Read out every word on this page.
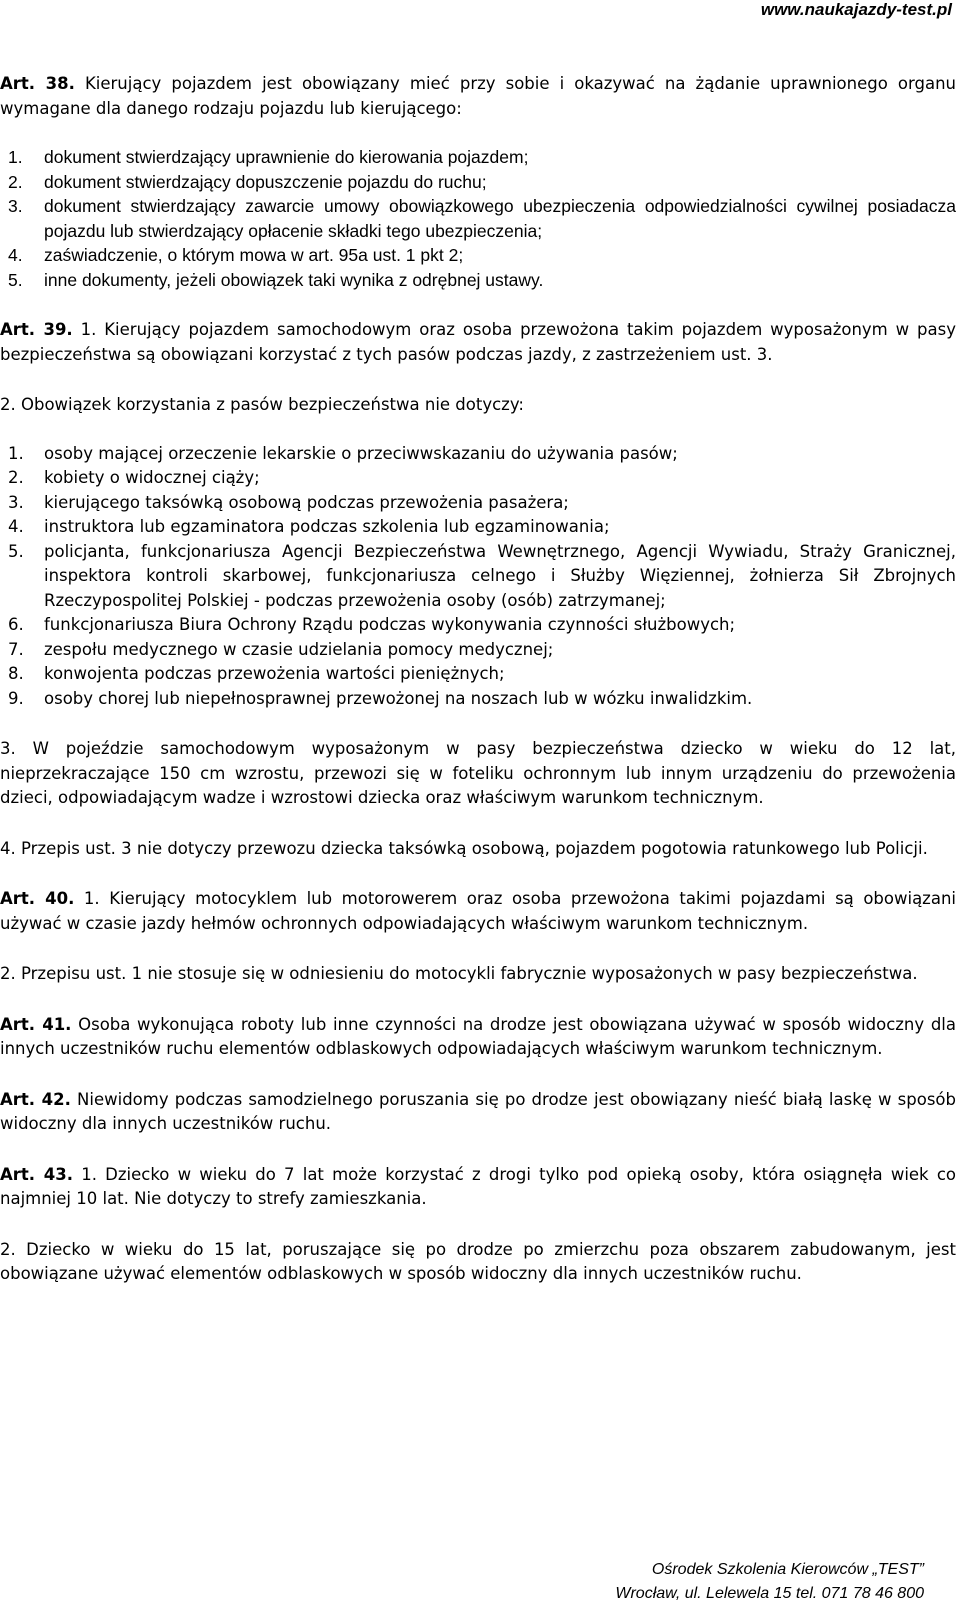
www.naukajazdy-test.pl
Art. 38. Kierujący pojazdem jest obowiązany mieć przy sobie i okazywać na żądanie uprawnionego organu wymagane dla danego rodzaju pojazdu lub kierującego:
1. dokument stwierdzający uprawnienie do kierowania pojazdem;
2. dokument stwierdzający dopuszczenie pojazdu do ruchu;
3. dokument stwierdzający zawarcie umowy obowiązkowego ubezpieczenia odpowiedzialności cywilnej posiadacza pojazdu lub stwierdzający opłacenie składki tego ubezpieczenia;
4. zaświadczenie, o którym mowa w art. 95a ust. 1 pkt 2;
5. inne dokumenty, jeżeli obowiązek taki wynika z odrębnej ustawy.
Art. 39. 1. Kierujący pojazdem samochodowym oraz osoba przewożona takim pojazdem wyposażonym w pasy bezpieczeństwa są obowiązani korzystać z tych pasów podczas jazdy, z zastrzeżeniem ust. 3.
2. Obowiązek korzystania z pasów bezpieczeństwa nie dotyczy:
1. osoby mającej orzeczenie lekarskie o przeciwwskazaniu do używania pasów;
2. kobiety o widocznej ciąży;
3. kierującego taksówką osobową podczas przewożenia pasażera;
4. instruktora lub egzaminatora podczas szkolenia lub egzaminowania;
5. policjanta, funkcjonariusza Agencji Bezpieczeństwa Wewnętrznego, Agencji Wywiadu, Straży Granicznej, inspektora kontroli skarbowej, funkcjonariusza celnego i Służby Więziennej, żołnierza Sił Zbrojnych Rzeczypospolitej Polskiej - podczas przewożenia osoby (osób) zatrzymanej;
6. funkcjonariusza Biura Ochrony Rządu podczas wykonywania czynności służbowych;
7. zespołu medycznego w czasie udzielania pomocy medycznej;
8. konwojenta podczas przewożenia wartości pieniężnych;
9. osoby chorej lub niepełnosprawnej przewożonej na noszach lub w wózku inwalidzkim.
3. W pojeździe samochodowym wyposażonym w pasy bezpieczeństwa dziecko w wieku do 12 lat, nieprzekraczające 150 cm wzrostu, przewozi się w foteliku ochronnym lub innym urządzeniu do przewożenia dzieci, odpowiadającym wadze i wzrostowi dziecka oraz właściwym warunkom technicznym.
4. Przepis ust. 3 nie dotyczy przewozu dziecka taksówką osobową, pojazdem pogotowia ratunkowego lub Policji.
Art. 40. 1. Kierujący motocyklem lub motorowerem oraz osoba przewożona takimi pojazdami są obowiązani używać w czasie jazdy hełmów ochronnych odpowiadających właściwym warunkom technicznym.
2. Przepisu ust. 1 nie stosuje się w odniesieniu do motocykli fabrycznie wyposażonych w pasy bezpieczeństwa.
Art. 41. Osoba wykonująca roboty lub inne czynności na drodze jest obowiązana używać w sposób widoczny dla innych uczestników ruchu elementów odblaskowych odpowiadających właściwym warunkom technicznym.
Art. 42. Niewidomy podczas samodzielnego poruszania się po drodze jest obowiązany nieść białą laskę w sposób widoczny dla innych uczestników ruchu.
Art. 43. 1. Dziecko w wieku do 7 lat może korzystać z drogi tylko pod opieką osoby, która osiągnęła wiek co najmniej 10 lat. Nie dotyczy to strefy zamieszkania.
2. Dziecko w wieku do 15 lat, poruszające się po drodze po zmierzchu poza obszarem zabudowanym, jest obowiązane używać elementów odblaskowych w sposób widoczny dla innych uczestników ruchu.
Ośrodek Szkolenia Kierowców „TEST”
Wrocław, ul. Lelewela 15 tel. 071 78 46 800
